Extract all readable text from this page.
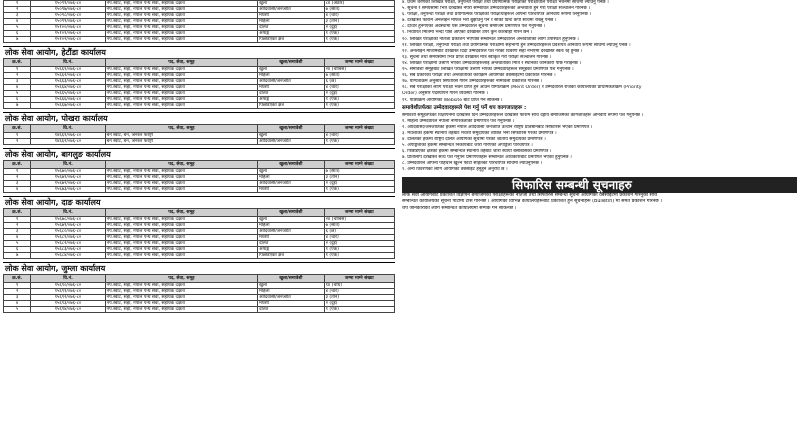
१	१५०९९/०७६-८०	नेप.स्वाट, सहा, नेपाल पन्थ सेवा, सहायक दक्षता	खुला	८४ (अठार)
२	१५०९७/०७६-८०	नेप.स्वाट, सहा, नेपाल पन्थ सेवा, सहायक दक्षता	आदिवासी/जनजाति	७ (सात)
३	१५०९८/०७६-८०	नेप.स्वाट, सहा, नेपाल पन्थ सेवा, सहायक दक्षता	मधेशी	४ (चार)
४	१५०९९/०७६-८०	नेप.स्वाट, सहा, नेपाल पन्थ सेवा, सहायक दक्षता	महिला	३ (तीन)
५	१५१००/०७६-८०	नेप.स्वाट, सहा, नेपाल पन्थ सेवा, सहायक दक्षता	दलित	२ (दुई)
६	१५१०१/०७६-८०	नेप.स्वाट, सहा, नेपाल पन्थ सेवा, सहायक दक्षता	अपाङ्ग	१ (एक)
७	१५१०२/०७६-८०	नेप.स्वाट, सहा, नेपाल पन्थ सेवा, सहायक दक्षता	पिछडिएको क्षेत्र	१ (एक)
लोक सेवा आयोग, हेटौंडा कार्यालय
क्र.सं.	वि.नं.	पद, सेवा, समूह	खुला/समावेशी	जम्मा माग्ने संख्या
१	१५६६१/०७६-८०	नेप.स्वाट, सहा, नेपाल पन्थ सेवा, सहायक दक्षता	खुला	२४ (चौबिस)
२	१५६६२/०७६-८०	नेप.स्वाट, सहा, नेपाल पन्थ सेवा, सहायक दक्षता	महिला	७ (सात)
३	१५६६३/०७६-८०	नेप.स्वाट, सहा, नेपाल पन्थ सेवा, सहायक दक्षता	आदिवासी/जनजाति	६ (छ)
४	१५६६४/०७६-८०	नेप.स्वाट, सहा, नेपाल पन्थ सेवा, सहायक दक्षता	मधेशी	४ (चार)
५	१५६६५/०७६-८०	नेप.स्वाट, सहा, नेपाल पन्थ सेवा, सहायक दक्षता	दलित	२ (दुई)
६	१५६६६/०७६-८०	नेप.स्वाट, सहा, नेपाल पन्थ सेवा, सहायक दक्षता	अपाङ्ग	१ (एक)
७	१५६६७/०७६-८०	नेप.स्वाट, सहा, नेपाल पन्थ सेवा, सहायक दक्षता	पिछडिएको क्षेत्र	१ (एक)
लोक सेवा आयोग, पोखरा कार्यालय
क्र.सं.	वि.नं.	पद, सेवा, समूह	खुला/समावेशी	जम्मा माग्ने संख्या
१	१४६६१/०७६-८०	बन स्वाट, बन, जनरल फरेष्ट्री	खुला	४ (चार)
२	१४६६२/०७६-८०	बन स्वाट, बन, जनरल फरेष्ट्री	आदिवासी/जनजाति	१ (एक)
लोक सेवा आयोग, बागलुङ कार्यालय
क्र.सं.	वि.नं.	पद, सेवा, समूह	खुला/समावेशी	जम्मा माग्ने संख्या
१	१५६७०/०७६-८०	नेप.स्वाट, सहा, नेपाल पन्थ सेवा, सहायक दक्षता	खुला	७ (सात)
२	१५६७१/०७६-८०	नेप.स्वाट, सहा, नेपाल पन्थ सेवा, सहायक दक्षता	महिला	३ (तीन)
३	१५६७२/०७६-८०	नेप.स्वाट, सहा, नेपाल पन्थ सेवा, सहायक दक्षता	आदिवासी/जनजाति	२ (दुई)
४	१५६७३/०७६-८०	नेप.स्वाट, सहा, नेपाल पन्थ सेवा, सहायक दक्षता	मधेशी	१ (एक)
लोक सेवा आयोग, दाङ कार्यालय
क्र.सं.	वि.नं.	पद, सेवा, समूह	खुला/समावेशी	जम्मा माग्ने संख्या
१	१५६७८/०७६-८०	नेप.स्वाट, सहा, नेपाल पन्थ सेवा, सहायक दक्षता	खुला	२४ (चौबिस)
२	१५६७९/०७६-८०	नेप.स्वाट, सहा, नेपाल पन्थ सेवा, सहायक दक्षता	महिला	७ (सात)
३	१५६८०/०७६-८०	नेप.स्वाट, सहा, नेपाल पन्थ सेवा, सहायक दक्षता	आदिवासी/जनजाति	६ (छ)
४	१५६८१/०७६-८०	नेप.स्वाट, सहा, नेपाल पन्थ सेवा, सहायक दक्षता	मधेशी	४ (चार)
५	१५६८२/०७६-८०	नेप.स्वाट, सहा, नेपाल पन्थ सेवा, सहायक दक्षता	दलित	२ (दुई)
६	१५६८३/०७६-८०	नेप.स्वाट, सहा, नेपाल पन्थ सेवा, सहायक दक्षता	अपाङ्ग	१ (एक)
७	१५६८४/०७६-८०	नेप.स्वाट, सहा, नेपाल पन्थ सेवा, सहायक दक्षता	पिछडिएको क्षेत्र	१ (एक)
लोक सेवा आयोग, जुम्ला कार्यालय
क्र.सं.	वि.नं.	पद, सेवा, समूह	खुला/समावेशी	जम्मा माग्ने संख्या
१	१५६९०/०७६-८०	नेप.स्वाट, सहा, नेपाल पन्थ सेवा, सहायक दक्षता	खुला	१४ (चौध)
२	१५६९१/०७६-८०	नेप.स्वाट, सहा, नेपाल पन्थ सेवा, सहायक दक्षता	महिला	४ (चार)
३	१५६९२/०७६-८०	नेप.स्वाट, सहा, नेपाल पन्थ सेवा, सहायक दक्षता	आदिवासी/जनजाति	३ (तीन)
४	१५६९३/०७६-८०	नेप.स्वाट, सहा, नेपाल पन्थ सेवा, सहायक दक्षता	मधेशी	२ (दुई)
५	१५६९४/०७६-८०	नेप.स्वाट, सहा, नेपाल पन्थ सेवा, सहायक दक्षता	दलित	१ (एक)

४. प्रथम चरणको लिखित परीक्षा, तनुपन्थी परीक्षा तथा प्रयोगात्मक परीक्षाको परीक्षार्थीले परीक्षा भवनमा साथमा ल्याउनु पर्नेछ ।

५. सूचना र समयसीमा भित्र दरखास्त नपरी सम्भावित उम्मेदवारहरूको अन्तर्वार्ता हुने गरी परीक्षा सञ्चालन गरिनेछ ।

६. परीक्षा, तनुपन्थी परीक्षा तथा प्रयोगात्मक परीक्षाको परीक्षार्थीहरूले आफ्नो परिचयपत्र अनिवार्य रूपमा लिनुपर्नेछ ।

७. दरखास्त फाराम अनलाइन मार्फत भरी बुझाउनु पर्ने र सोको प्रिन्ट कपी साथमा राख्नु पर्नेछ ।

८. दोधार हुनगएको अवस्थामा यसै उम्मेदवारले सूचना बमोजिम प्रमाणपत्र पेश गर्नुपर्नेछ ।

९. निर्धारित मितिमा भन्दा पछि आएको दरखास्त उपर कुनै कारबाही गरिने छैन ।

१०. लिखित परीक्षाको नतिजा प्रकाशन भएपछि सम्बन्धित उम्मेदवारले अन्तर्वार्ताको लागि उपस्थित हुनुपर्नेछ ।

११. लिखित परीक्षा, तनुपन्थी परीक्षा तथा प्रयोगात्मक परीक्षामा सहभागी हुने उम्मेदवारहरूले प्रवेशपत्र अनिवार्य रूपमा साथमा ल्याउनु पर्नेछ ।

१२. अनलाइन माध्यमबाट दरखास्त दिँदा उम्मेदवारले पेश गरेको विवरण सही नभएमा दरखास्त स्वतः रद्द हुनेछ ।

१३. सूचना तथा समयसीमा भित्र प्राप्त दरखास्त मात्र स्वीकृत गरी परीक्षा सञ्चालन गरिनेछ ।

१४. लिखित परीक्षामा उत्तीर्ण भएका उम्मेदवारहरूलाई अन्तर्वार्ताको मिति र स्थानको जानकारी पछि गराइनेछ ।

१५. समावेशी समूहबाट लिखित परीक्षामा उत्तीर्ण भएका उम्मेदवारहरूले समूहको प्रमाणपत्र पेश गर्नुपर्नेछ ।

१६. सबै प्रकारका परीक्षा तथा अन्तर्वार्ताको कार्यक्रम आयोगको वेबसाइटमा प्रकाशित गरिनेछ ।

१७. योग्यताक्रम अनुसार सिफारिस गरिने उम्मेदवारहरूको नामावली प्रकाशित गरिनेछ ।

१८. सबै परीक्षाको लागि परीक्षा भवन प्राप्त हुन आउने योग्यताक्रम (Merit Order) र उम्मेदवारले रोजेको कार्यालयको प्राथमिकताक्रम (Priority

Order) अनुसार पदस्थापन गरिने व्यवस्था गरिनेछ ।

१९. पाठ्यक्रम आयोगको Website बाट प्राप्त गर्न सकिन्छ ।

समावेशीतर्फका उम्मेदवारहरूले पेश गर्नु पर्ने थप कागजातहरू :

समावेशी समूहतर्फको विज्ञापनमा दरखास्त दिने उम्मेदवारहरूले दरखास्त फाराम साथ देहाय बमोजिमका कागजातहरू अनिवार्य रूपमा पेश गर्नुपर्नेछ ।

१. महिला उम्मेदवारले नेपाली नागरिकताको प्रमाणपत्र पेश गर्नुपर्नेछ ।

२. आदिवासी/जनजातिको हकमा नेपाल आदिवासी जनजाति उत्थान राष्ट्रिय प्रतिष्ठानबाट सिफारिस भएको प्रमाणपत्र ।

३. मधेशीको हकमा स्थानीय तहबाट मधेशी समुदायको व्यक्ति भनी सिफारिस गरेको प्रमाणपत्र ।

४. दलितको हकमा राष्ट्रिय दलित आयोगको सूचीमा परेको जातीय समुदायको प्रमाणपत्र ।

५. अपाङ्गताको हकमा सम्बन्धित निकायबाट जारी गरिएको अपाङ्गता परिचयपत्र ।

६. पिछडिएको क्षेत्रको हकमा सम्बन्धित स्थानीय तहबाट जारी स्थायी बसोबासको प्रमाणपत्र ।

७. प्रतिलिपि दरखास्त साथ पेश गर्नुपर्ने प्रमाणपत्रहरू सम्बन्धित अधिकारीबाट प्रमाणित भएको हुनुपर्नेछ ।

८. उम्मेदवारले आफ्नो पहिचान खुल्ने फोटो सहितको परिचयपत्र साथमा ल्याउनुपर्नेछ ।

९. अन्य विवरणको लागि आयोगको वेबसाइट हेर्नुहुन अनुरोध छ ।

सिफारिस सम्बन्धी सूचनाहरु

लोक सेवा आयोगबाट प्रकाशित विज्ञापन बमोजिमका परीक्षाहरूको नतिजा तथा सिफारिस सम्बन्धी सूचना आयोगको वेबसाइटमा प्रकाशन गरिनुका साथै

सम्बन्धित कार्यालयको सूचना पाटीमा टाँस गरिनेछ । आयोगको विभिन्न कार्यालयहरूबाट प्रकाशित हुने सूचनाहरू (Bulletin) मा समेत प्रकाशन गरिनेछ ।

थप जानकारीका लागि सम्बन्धित कार्यालयमा सम्पर्क गर्न सकिनेछ ।
